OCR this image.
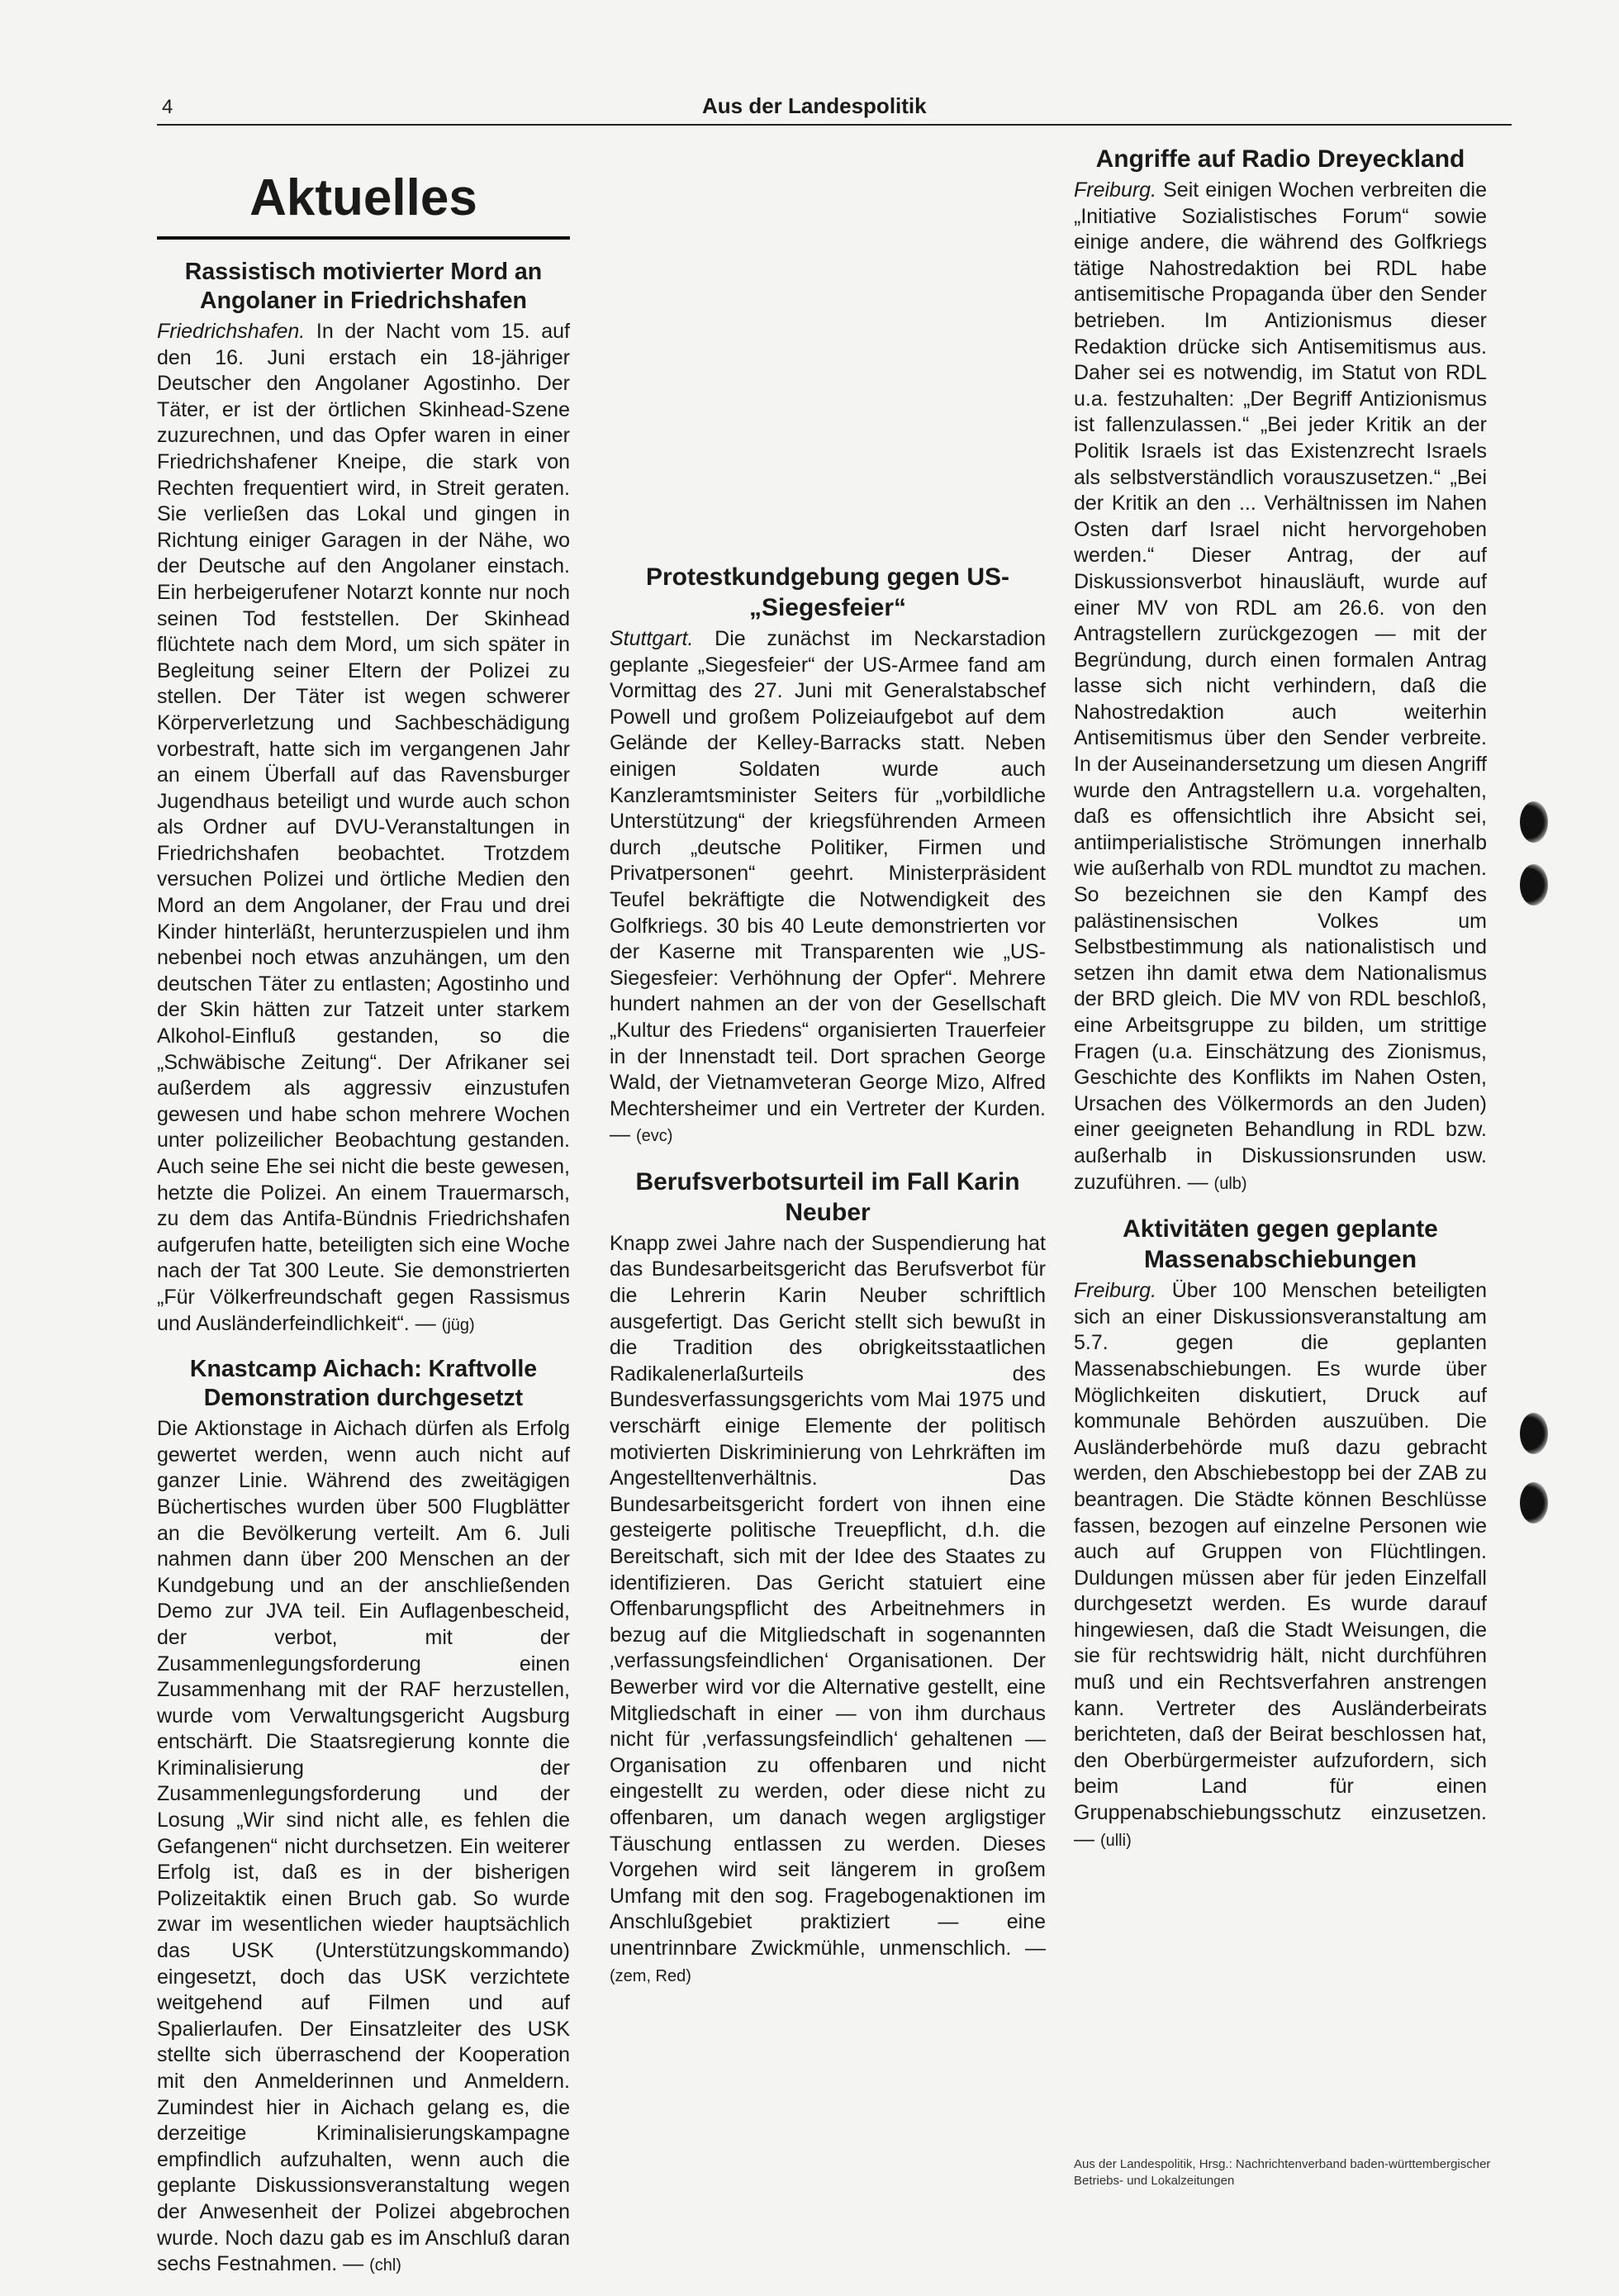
4	Aus der Landespolitik
Aktuelles
Rassistisch motivierter Mord an Angolaner in Friedrichshafen

Friedrichshafen. In der Nacht vom 15. auf den 16. Juni erstach ein 18-jähriger Deutscher den Angolaner Agostinho. Der Täter, er ist der örtlichen Skinhead-Szene zuzurechnen, und das Opfer waren in einer Friedrichshafener Kneipe, die stark von Rechten frequentiert wird, in Streit geraten. Sie verließen das Lokal und gingen in Richtung einiger Garagen in der Nähe, wo der Deutsche auf den Angolaner einstach. Ein herbeigerufener Notarzt konnte nur noch seinen Tod feststellen. Der Skinhead flüchtete nach dem Mord, um sich später in Begleitung seiner Eltern der Polizei zu stellen. Der Täter ist wegen schwerer Körperverletzung und Sachbeschädigung vorbestraft, hatte sich im vergangenen Jahr an einem Überfall auf das Ravensburger Jugendhaus beteiligt und wurde auch schon als Ordner auf DVU-Veranstaltungen in Friedrichshafen beobachtet. Trotzdem versuchen Polizei und örtliche Medien den Mord an dem Angolaner, der Frau und drei Kinder hinterläßt, herunterzuspielen und ihm nebenbei noch etwas anzuhängen, um den deutschen Täter zu entlasten; Agostinho und der Skin hätten zur Tatzeit unter starkem Alkohol-Einfluß gestanden, so die „Schwäbische Zeitung“. Der Afrikaner sei außerdem als aggressiv einzustufen gewesen und habe schon mehrere Wochen unter polizeilicher Beobachtung gestanden. Auch seine Ehe sei nicht die beste gewesen, hetzte die Polizei. An einem Trauermarsch, zu dem das Antifa-Bündnis Friedrichshafen aufgerufen hatte, beteiligten sich eine Woche nach der Tat 300 Leute. Sie demonstrierten „Für Völkerfreundschaft gegen Rassismus und Ausländerfeindlichkeit“. — (jüg)

Knastcamp Aichach: Kraftvolle Demonstration durchgesetzt

Die Aktionstage in Aichach dürfen als Erfolg gewertet werden, wenn auch nicht auf ganzer Linie. Während des zweitägigen Büchertisches wurden über 500 Flugblätter an die Bevölkerung verteilt. Am 6. Juli nahmen dann über 200 Menschen an der Kundgebung und an der anschließenden Demo zur JVA teil. Ein Auflagenbescheid, der verbot, mit der Zusammenlegungsforderung einen Zusammenhang mit der RAF herzustellen, wurde vom Verwaltungsgericht Augsburg entschärft. Die Staatsregierung konnte die Kriminalisierung der Zusammenlegungsforderung und der Losung „Wir sind nicht alle, es fehlen die Gefangenen“ nicht durchsetzen. Ein weiterer Erfolg ist, daß es in der bisherigen Polizeitaktik einen Bruch gab. So wurde zwar im wesentlichen wieder hauptsächlich das USK (Unterstützungskommando) eingesetzt, doch das USK verzichtete weitgehend auf Filmen und auf Spalierlaufen. Der Einsatzleiter des USK stellte sich überraschend der Kooperation mit den Anmelderinnen und Anmeldern. Zumindest hier in Aichach gelang es, die derzeitige Kriminalisierungskampagne empfindlich aufzuhalten, wenn auch die geplante Diskussionsveranstaltung wegen der Anwesenheit der Polizei abgebrochen wurde. Noch dazu gab es im Anschluß daran sechs Festnahmen. — (chl)

Angriffe auf Radio Dreyeckland

Freiburg. Seit einigen Wochen verbreiten die „Initiative Sozialistisches Forum“ sowie einige andere, die während des Golfkriegs tätige Nahostredaktion bei RDL habe antisemitische Propaganda über den Sender betrieben. Im Antizionismus dieser Redaktion drücke sich Antisemitismus aus. Daher sei es notwendig, im Statut von RDL u.a. festzuhalten: „Der Begriff Antizionismus ist fallenzulassen.“ „Bei jeder Kritik an der Politik Israels ist das Existenzrecht Israels als selbstverständlich vorauszusetzen.“ „Bei der Kritik an den ... Verhältnissen im Nahen Osten darf Israel nicht hervorgehoben werden.“ Dieser Antrag, der auf Diskussionsverbot hinausläuft, wurde auf einer MV von RDL am 26.6. von den Antragstellern zurückgezogen — mit der Begründung, durch einen formalen Antrag lasse sich nicht verhindern, daß die Nahostredaktion auch weiterhin Antisemitismus über den Sender verbreite. In der Auseinandersetzung um diesen Angriff wurde den Antragstellern u.a. vorgehalten, daß es offensichtlich ihre Absicht sei, antiimperialistische Strömungen innerhalb wie außerhalb von RDL mundtot zu machen. So bezeichnen sie den Kampf des palästinensischen Volkes um Selbstbestimmung als nationalistisch und setzen ihn damit etwa dem Nationalismus der BRD gleich. Die MV von RDL beschloß, eine Arbeitsgruppe zu bilden, um strittige Fragen (u.a. Einschätzung des Zionismus, Geschichte des Konflikts im Nahen Osten, Ursachen des Völkermords an den Juden) einer geeigneten Behandlung in RDL bzw. außerhalb in Diskussionsrunden usw. zuzuführen. — (ulb)

Aktivitäten gegen geplante Massenabschiebungen

Freiburg. Über 100 Menschen beteiligten sich an einer Diskussionsveranstaltung am 5.7. gegen die geplanten Massenabschiebungen. Es wurde über Möglichkeiten diskutiert, Druck auf kommunale Behörden auszuüben. Die Ausländerbehörde muß dazu gebracht werden, den Abschiebestopp bei der ZAB zu beantragen. Die Städte können Beschlüsse fassen, bezogen auf einzelne Personen wie auch auf Gruppen von Flüchtlingen. Duldungen müssen aber für jeden Einzelfall durchgesetzt werden. Es wurde darauf hingewiesen, daß die Stadt Weisungen, die sie für rechtswidrig hält, nicht durchführen muß und ein Rechtsverfahren anstrengen kann. Vertreter des Ausländerbeirats berichteten, daß der Beirat beschlossen hat, den Oberbürgermeister aufzufordern, sich beim Land für einen Gruppenabschiebungsschutz einzusetzen. — (ulli)

Protestkundgebung gegen US-„Siegesfeier“

Stuttgart. Die zunächst im Neckarstadion geplante „Siegesfeier“ der US-Armee fand am Vormittag des 27. Juni mit Generalstabschef Powell und großem Polizeiaufgebot auf dem Gelände der Kelley-Barracks statt. Neben einigen Soldaten wurde auch Kanzleramtsminister Seiters für „vorbildliche Unterstützung“ der kriegsführenden Armeen durch „deutsche Politiker, Firmen und Privatpersonen“ geehrt. Ministerpräsident Teufel bekräftigte die Notwendigkeit des Golfkriegs. 30 bis 40 Leute demonstrierten vor der Kaserne mit Transparenten wie „US-Siegesfeier: Verhöhnung der Opfer“. Mehrere hundert nahmen an der von der Gesellschaft „Kultur des Friedens“ organisierten Trauerfeier in der Innenstadt teil. Dort sprachen George Wald, der Vietnamveteran George Mizo, Alfred Mechtersheimer und ein Vertreter der Kurden. — (evc)

Berufsverbotsurteil im Fall Karin Neuber

Knapp zwei Jahre nach der Suspendierung hat das Bundesarbeitsgericht das Berufsverbot für die Lehrerin Karin Neuber schriftlich ausgefertigt. Das Gericht stellt sich bewußt in die Tradition des obrigkeitsstaatlichen Radikalenerlaßurteils des Bundesverfassungsgerichts vom Mai 1975 und verschärft einige Elemente der politisch motivierten Diskriminierung von Lehrkräften im Angestelltenverhältnis. Das Bundesarbeitsgericht fordert von ihnen eine gesteigerte politische Treuepflicht, d.h. die Bereitschaft, sich mit der Idee des Staates zu identifizieren. Das Gericht statuiert eine Offenbarungspflicht des Arbeitnehmers in bezug auf die Mitgliedschaft in sogenannten ‚verfassungsfeindlichen‘ Organisationen. Der Bewerber wird vor die Alternative gestellt, eine Mitgliedschaft in einer — von ihm durchaus nicht für ‚verfassungsfeindlich‘ gehaltenen — Organisation zu offenbaren und nicht eingestellt zu werden, oder diese nicht zu offenbaren, um danach wegen argligstiger Täuschung entlassen zu werden. Dieses Vorgehen wird seit längerem in großem Umfang mit den sog. Fragebogenaktionen im Anschlußgebiet praktiziert — eine unentrinnbare Zwickmühle, unmenschlich. — (zem, Red)

Aus der Landespolitik, Hrsg.: Nachrichtenverband baden-württembergischer Betriebs- und Lokalzeitungen
